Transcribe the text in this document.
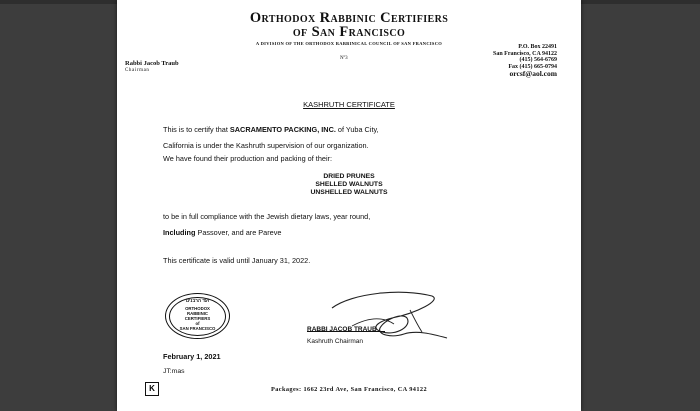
Orthodox Rabbinic Certifiers
of San Francisco
A DIVISION OF THE ORTHODOX RABBINICAL COUNCIL OF SAN FRANCISCO
P.O. Box 22491
San Francisco, CA 94122
(415) 564-6769
Fax (415) 665-0794
orcsf@aol.com
Rabbi Jacob Traub
Chairman
Nº3
KASHRUTH CERTIFICATE
This is to certify that SACRAMENTO PACKING, INC. of Yuba City,
California is under the Kashruth supervision of our organization.
We have found their production and packing of their:
DRIED PRUNES
SHELLED WALNUTS
UNSHELLED WALNUTS
to be in full compliance with the Jewish dietary laws, year round,
Including Passover, and are Pareve
This certificate is valid until January 31, 2022.
ועד הרבנים
ORTHODOX
RABBINIC
CERTIFIERS
of
SAN FRANCISCO	RABBI JACOB TRAUB
Kashruth Chairman
February 1, 2021
JT:mas
K	Packages: 1662 23rd Ave, San Francisco, CA 94122
